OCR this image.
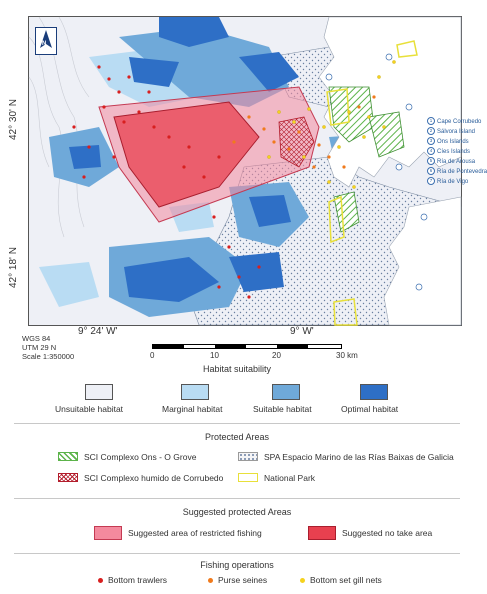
N
1 Cape Corrubedo
2 Sálvora Island
3 Ons Islands
4 Cíes Islands
5 Ría de Arousa
6 Ría de Pontevedra
7 Ría de Vigo
42° 30' N
42° 18' N
9° 24' W'	9° W'
WGS 84
UTM 29 N
Scale 1:350000	0	10	20	30 km
Habitat suitability
Unsuitable habitat	Marginal habitat	Suitable habitat	Optimal habitat
Protected Areas
SCI Complexo Ons - O Grove	SPA Espacio Marino de las Rías Baixas de Galicia
SCI Complexo humido de Corrubedo	National Park
Suggested protected Areas
Suggested area of restricted fishing	Suggested no take area
Fishing operations
Bottom trawlers	Purse seines	Bottom set gill nets
